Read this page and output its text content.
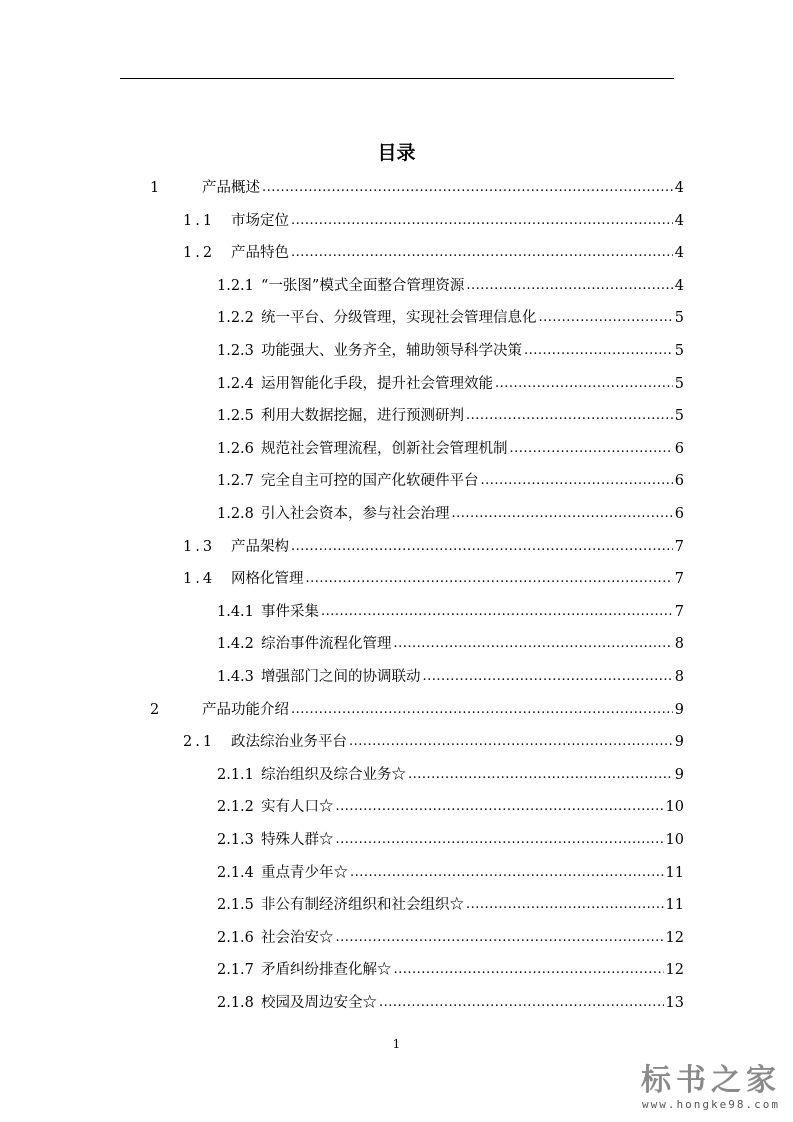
目录
1	产品概述 .....	4
1.1	市场定位 .....	4
1.2	产品特色 .....	4
1.2.1 “一张图”模式全面整合管理资源 .....	4
1.2.2 统一平台、分级管理，实现社会管理信息化 .....	5
1.2.3 功能强大、业务齐全，辅助领导科学决策 .....	5
1.2.4 运用智能化手段，提升社会管理效能 .....	5
1.2.5 利用大数据挖掘，进行预测研判 .....	5
1.2.6 规范社会管理流程，创新社会管理机制 .....	6
1.2.7 完全自主可控的国产化软硬件平台 .....	6
1.2.8 引入社会资本，参与社会治理 .....	6
1.3	产品架构 .....	7
1.4	网格化管理 .....	7
1.4.1 事件采集 .....	7
1.4.2 综治事件流程化管理 .....	8
1.4.3 增强部门之间的协调联动 .....	8
2	产品功能介绍 .....	9
2.1	政法综治业务平台 .....	9
2.1.1 综治组织及综合业务☆ .....	9
2.1.2 实有人口☆ .....	10
2.1.3 特殊人群☆ .....	10
2.1.4 重点青少年☆ .....	11
2.1.5 非公有制经济组织和社会组织☆ .....	11
2.1.6 社会治安☆ .....	12
2.1.7 矛盾纠纷排查化解☆ .....	12
2.1.8 校园及周边安全☆ .....	13
1
标书之家
www.hongke98.com
